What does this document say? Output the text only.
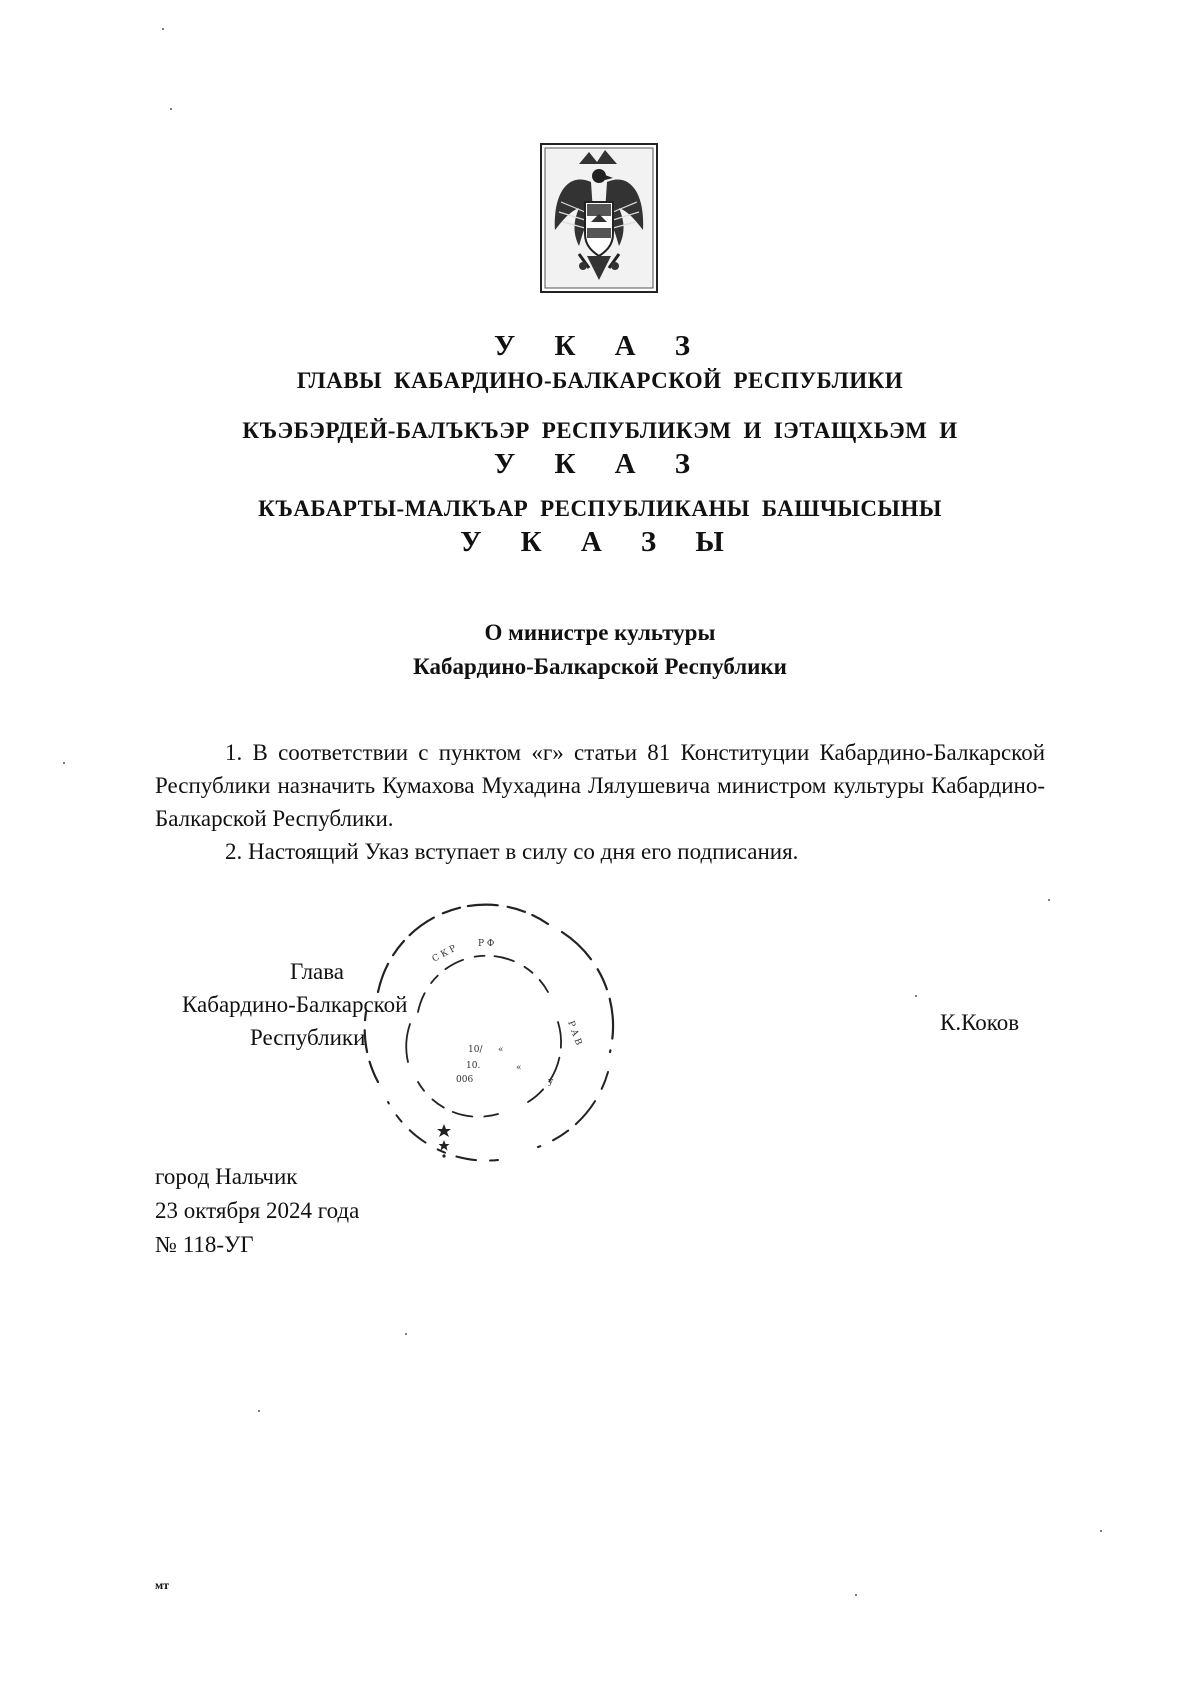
У К А З
ГЛАВЫ КАБАРДИНО-БАЛКАРСКОЙ РЕСПУБЛИКИ
КЪЭБЭРДЕЙ-БАЛЪКЪЭР РЕСПУБЛИКЭМ И ІЭТАЩХЬЭМ И
У К А З
КЪАБАРТЫ-МАЛКЪАР РЕСПУБЛИКАНЫ БАШЧЫСЫНЫ
У К А З Ы
О министре культуры
Кабардино-Балкарской Республики

1. В соответствии с пунктом «г» статьи 81 Конституции Кабардино-Балкарской Республики назначить Кумахова Мухадина Лялушевича министром культуры Кабардино-Балкарской Республики.

2. Настоящий Указ вступает в силу со дня его подписания.

Глава
Кабардино-Балкарской
Республики
С К Р Р Ф
Р А В
10/
10.
006
«
«
у
К.Коков
город Нальчик
23 октября 2024 года
№ 118-УГ
мт
